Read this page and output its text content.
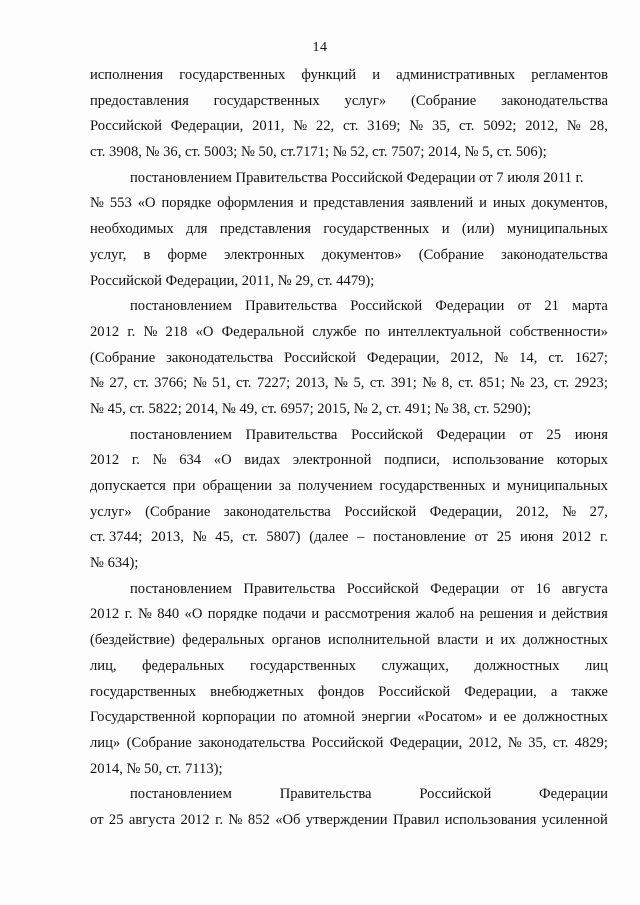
14
исполнения государственных функций и административных регламентов
предоставления государственных услуг» (Собрание законодательства
Российской Федерации, 2011, № 22, ст. 3169; № 35, ст. 5092; 2012, № 28,
ст. 3908, № 36, ст. 5003; № 50, ст.7171; № 52, ст. 7507; 2014, № 5, ст. 506);
постановлением Правительства Российской Федерации от 7 июля 2011 г.
№ 553 «О порядке оформления и представления заявлений и иных документов,
необходимых для представления государственных и (или) муниципальных
услуг, в форме электронных документов» (Собрание законодательства
Российской Федерации, 2011, № 29, ст. 4479);
постановлением Правительства Российской Федерации от 21 марта
2012 г. № 218 «О Федеральной службе по интеллектуальной собственности»
(Собрание законодательства Российской Федерации, 2012, № 14, ст. 1627;
№ 27, ст. 3766; № 51, ст. 7227; 2013, № 5, ст. 391; № 8, ст. 851; № 23, ст. 2923;
№ 45, ст. 5822; 2014, № 49, ст. 6957; 2015, № 2, ст. 491; № 38, ст. 5290);
постановлением Правительства Российской Федерации от 25 июня
2012 г. № 634 «О видах электронной подписи, использование которых
допускается при обращении за получением государственных и муниципальных
услуг» (Собрание законодательства Российской Федерации, 2012, № 27,
ст. 3744; 2013, № 45, ст. 5807) (далее – постановление от 25 июня 2012 г.
№ 634);
постановлением Правительства Российской Федерации от 16 августа
2012 г. № 840 «О порядке подачи и рассмотрения жалоб на решения и действия
(бездействие) федеральных органов исполнительной власти и их должностных
лиц, федеральных государственных служащих, должностных лиц
государственных внебюджетных фондов Российской Федерации, а также
Государственной корпорации по атомной энергии «Росатом» и ее должностных
лиц» (Собрание законодательства Российской Федерации, 2012, № 35, ст. 4829;
2014, № 50, ст. 7113);
постановлением	Правительства	Российской	Федерации
от 25 августа 2012 г. № 852 «Об утверждении Правил использования усиленной
